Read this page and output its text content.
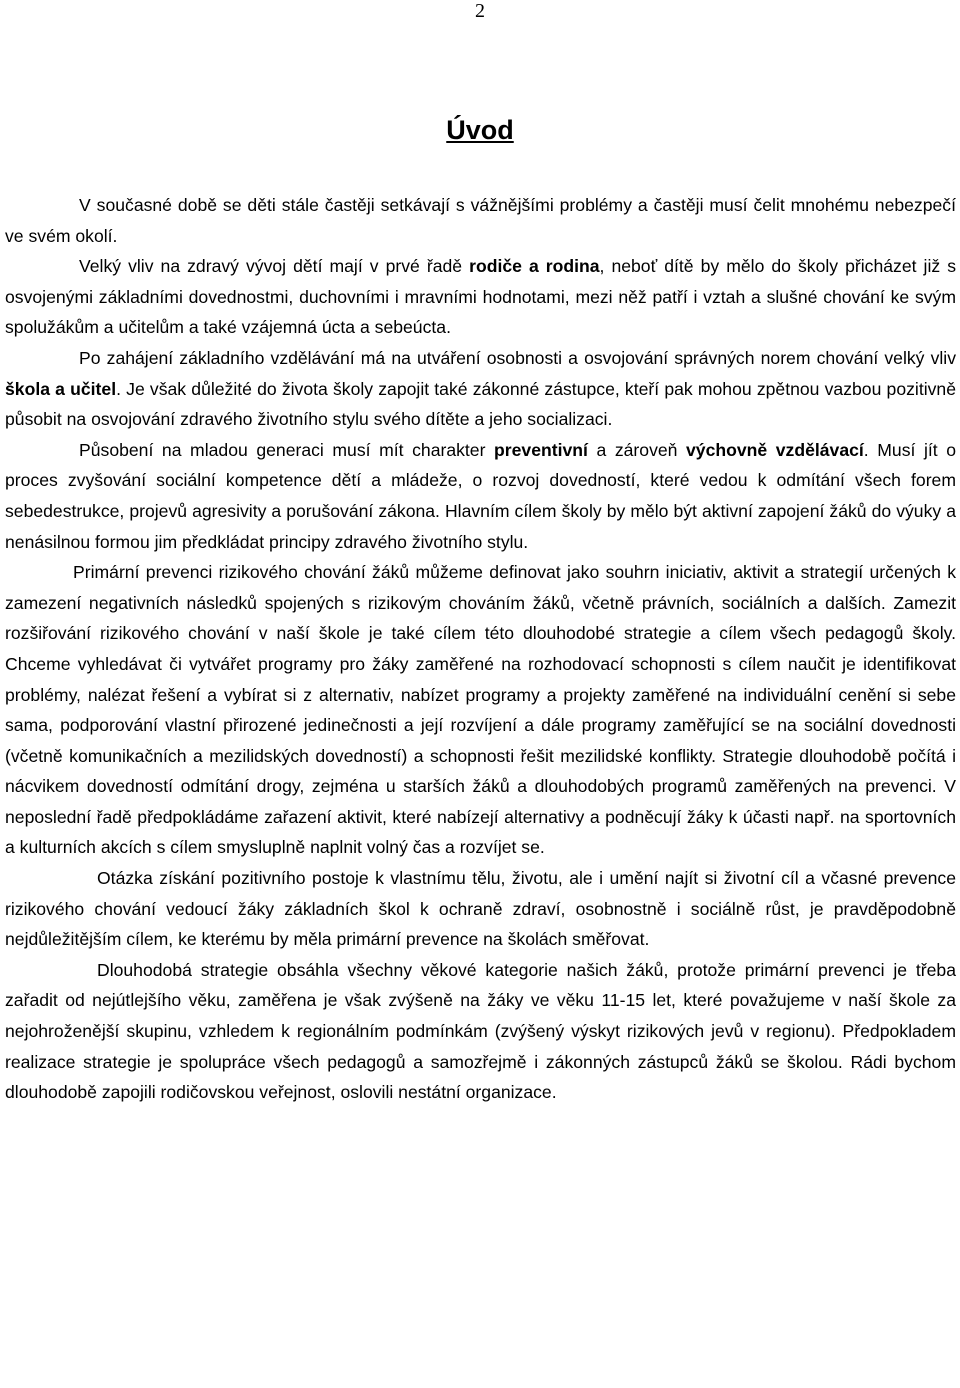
2
Úvod

V současné době se děti stále častěji setkávají s vážnějšími problémy a častěji musí čelit mnohému nebezpečí ve svém okolí.

Velký vliv na zdravý vývoj dětí mají v prvé řadě rodiče a rodina, neboť dítě by mělo do školy přicházet již s osvojenými základními dovednostmi, duchovními i mravními hodnotami, mezi něž patří i vztah a slušné chování ke svým spolužákům a učitelům a také vzájemná úcta a sebeúcta.

Po zahájení základního vzdělávání má na utváření osobnosti a osvojování správných norem chování velký vliv škola a učitel. Je však důležité do života školy zapojit také zákonné zástupce, kteří pak mohou zpětnou vazbou pozitivně působit na osvojování zdravého životního stylu svého dítěte a jeho socializaci.

Působení na mladou generaci musí mít charakter preventivní a zároveň výchovně vzdělávací. Musí jít o proces zvyšování sociální kompetence dětí a mládeže, o rozvoj dovedností, které vedou k odmítání všech forem sebedestrukce, projevů agresivity a porušování zákona. Hlavním cílem školy by mělo být aktivní zapojení žáků do výuky a nenásilnou formou jim předkládat principy zdravého životního stylu.

Primární prevenci rizikového chování žáků můžeme definovat jako souhrn iniciativ, aktivit a strategií určených k zamezení negativních následků spojených s rizikovým chováním žáků, včetně právních, sociálních a dalších. Zamezit rozšiřování rizikového chování v naší škole je také cílem této dlouhodobé strategie a cílem všech pedagogů školy. Chceme vyhledávat či vytvářet programy pro žáky zaměřené na rozhodovací schopnosti s cílem naučit je identifikovat problémy, nalézat řešení a vybírat si z alternativ, nabízet programy a projekty zaměřené na individuální cenění si sebe sama, podporování vlastní přirozené jedinečnosti a její rozvíjení a dále programy zaměřující se na sociální dovednosti (včetně komunikačních a mezilidských dovedností) a schopnosti řešit mezilidské konflikty. Strategie dlouhodobě počítá i nácvikem dovedností odmítání drogy, zejména u starších žáků a dlouhodobých programů zaměřených na prevenci. V neposlední řadě předpokládáme zařazení aktivit, které nabízejí alternativy a podněcují žáky k účasti např. na sportovních a kulturních akcích s cílem smysluplně naplnit volný čas a rozvíjet se.

Otázka získání pozitivního postoje k vlastnímu tělu, životu, ale i umění najít si životní cíl a včasné prevence rizikového chování vedoucí žáky základních škol k ochraně zdraví, osobnostně i sociálně růst, je pravděpodobně nejdůležitějším cílem, ke kterému by měla primární prevence na školách směřovat.

Dlouhodobá strategie obsáhla všechny věkové kategorie našich žáků, protože primární prevenci je třeba zařadit od nejútlejšího věku, zaměřena je však zvýšeně na žáky ve věku 11-15 let, které považujeme v naší škole za nejohroženější skupinu, vzhledem k regionálním podmínkám (zvýšený výskyt rizikových jevů v regionu). Předpokladem realizace strategie je spolupráce všech pedagogů a samozřejmě i zákonných zástupců žáků se školou. Rádi bychom dlouhodobě zapojili rodičovskou veřejnost, oslovili nestátní organizace.
